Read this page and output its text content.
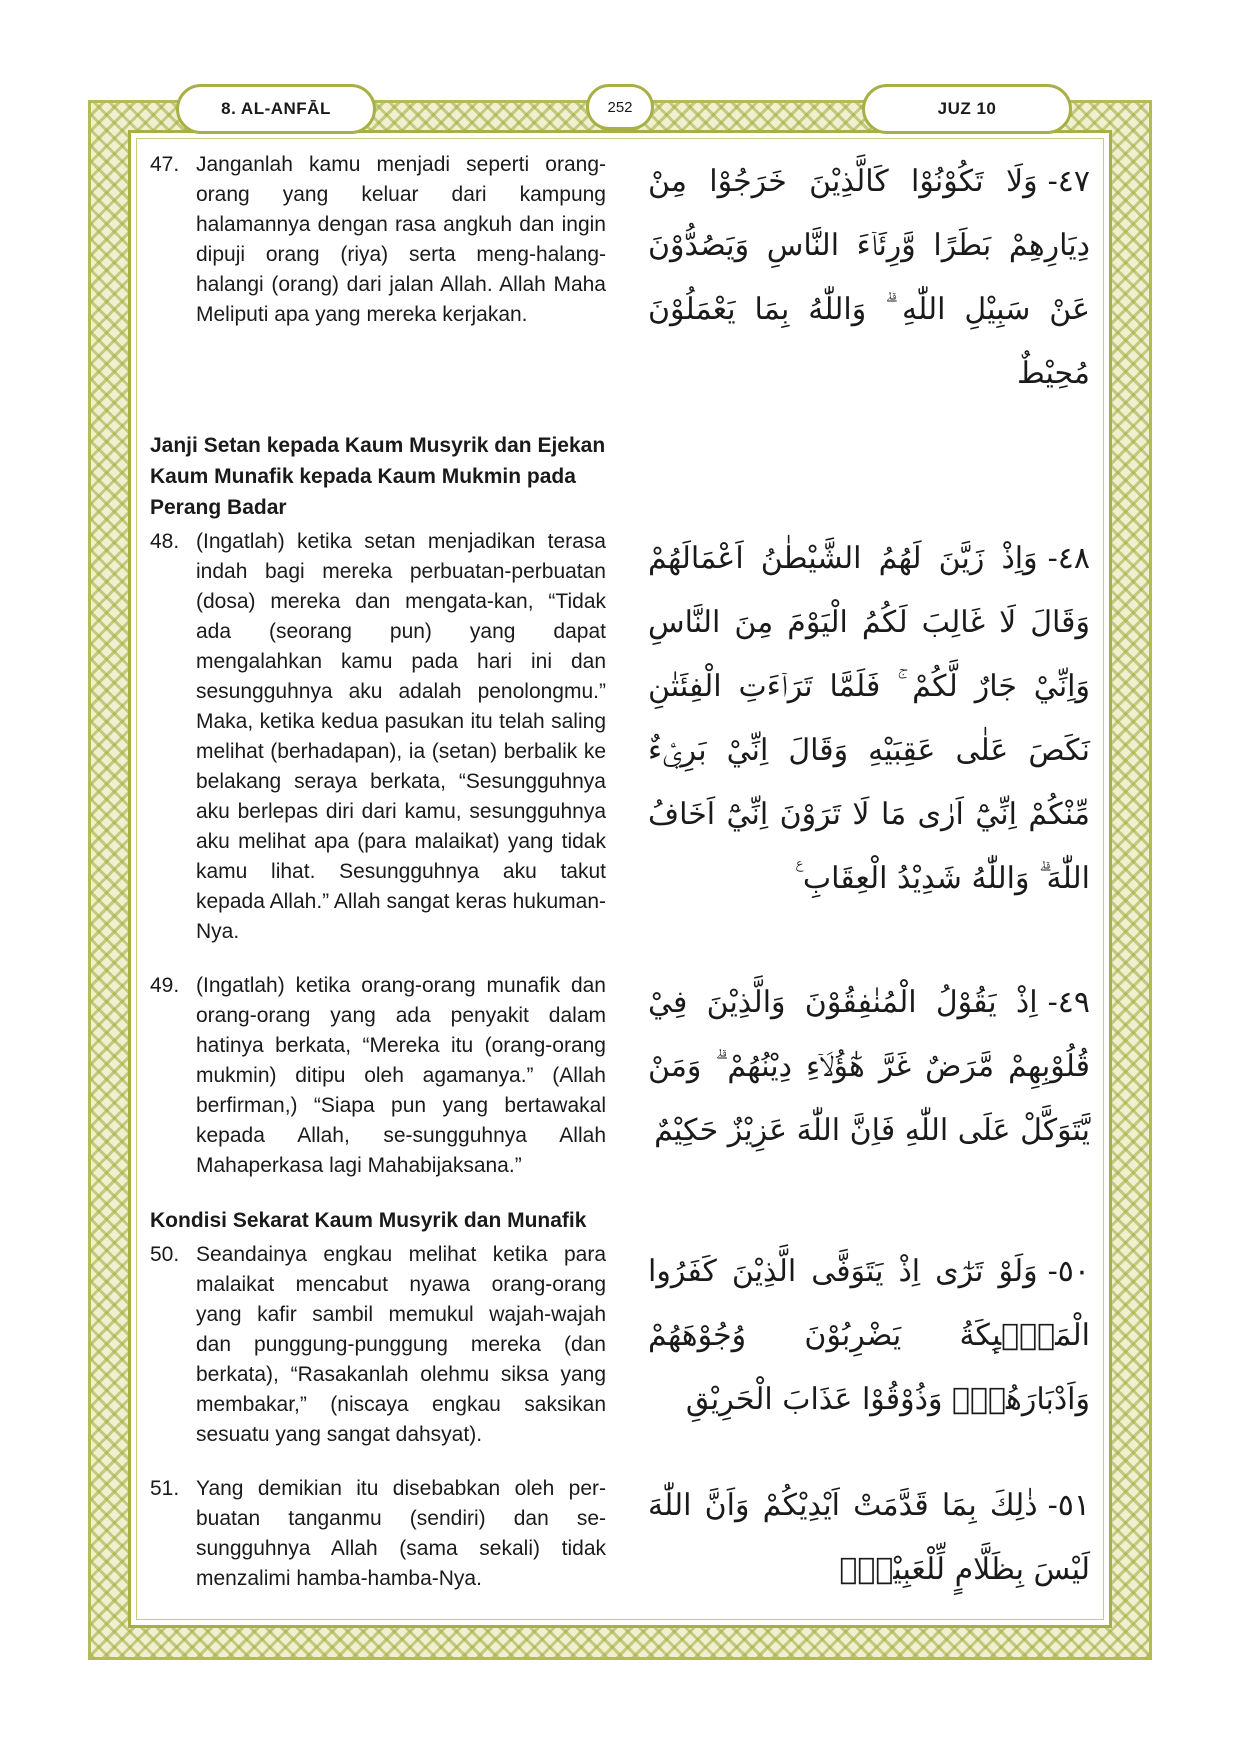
8. AL-ANFĀL	252	JUZ 10
47. Janganlah kamu menjadi seperti orang-orang yang keluar dari kampung halamannya dengan rasa angkuh dan ingin dipuji orang (riya) serta meng-halang-halangi (orang) dari jalan Allah. Allah Maha Meliputi apa yang mereka kerjakan.
٤٧-وَلَا تَكُوْنُوْا كَالَّذِيْنَ خَرَجُوْا مِنْ دِيَارِهِمْ بَطَرًا وَّرِئَاۤءَ النَّاسِ وَيَصُدُّوْنَ عَنْ سَبِيْلِ اللّٰهِ ۗ وَاللّٰهُ بِمَا يَعْمَلُوْنَ مُحِيْطٌ
Janji Setan kepada Kaum Musyrik dan Ejekan Kaum Munafik kepada Kaum Mukmin pada Perang Badar
48. (Ingatlah) ketika setan menjadikan terasa indah bagi mereka perbuatan-perbuatan (dosa) mereka dan mengata-kan, “Tidak ada (seorang pun) yang dapat mengalahkan kamu pada hari ini dan sesungguhnya aku adalah penolongmu.” Maka, ketika kedua pasukan itu telah saling melihat (berhadapan), ia (setan) berbalik ke belakang seraya berkata, “Sesungguhnya aku berlepas diri dari kamu, sesungguhnya aku melihat apa (para malaikat) yang tidak kamu lihat. Sesungguhnya aku takut kepada Allah.” Allah sangat keras hukuman-Nya.
٤٨-وَاِذْ زَيَّنَ لَهُمُ الشَّيْطٰنُ اَعْمَالَهُمْ وَقَالَ لَا غَالِبَ لَكُمُ الْيَوْمَ مِنَ النَّاسِ وَاِنِّيْ جَارٌ لَّكُمْ ۚ فَلَمَّا تَرَاۤءَتِ الْفِئَتٰنِ نَكَصَ عَلٰى عَقِبَيْهِ وَقَالَ اِنِّيْ بَرِيْۤءٌ مِّنْكُمْ اِنِّيْٓ اَرٰى مَا لَا تَرَوْنَ اِنِّيْٓ اَخَافُ اللّٰهَ ۗ وَاللّٰهُ شَدِيْدُ الْعِقَابِ ࣖ
49. (Ingatlah) ketika orang-orang munafik dan orang-orang yang ada penyakit dalam hatinya berkata, “Mereka itu (orang-orang mukmin) ditipu oleh agamanya.” (Allah berfirman,) “Siapa pun yang bertawakal kepada Allah, se-sungguhnya Allah Mahaperkasa lagi Mahabijaksana.”
٤٩-اِذْ يَقُوْلُ الْمُنٰفِقُوْنَ وَالَّذِيْنَ فِيْ قُلُوْبِهِمْ مَّرَضٌ غَرَّ هٰٓؤُلَاۤءِ دِيْنُهُمْ ۗ وَمَنْ يَّتَوَكَّلْ عَلَى اللّٰهِ فَاِنَّ اللّٰهَ عَزِيْزٌ حَكِيْمٌ
Kondisi Sekarat Kaum Musyrik dan Munafik
50. Seandainya engkau melihat ketika para malaikat mencabut nyawa orang-orang yang kafir sambil memukul wajah-wajah dan punggung-punggung mereka (dan berkata), “Rasakanlah olehmu siksa yang membakar,” (niscaya engkau saksikan sesuatu yang sangat dahsyat).
٥٠-وَلَوْ تَرٰٓى اِذْ يَتَوَفَّى الَّذِيْنَ كَفَرُوا الْمَلٰۤىِٕكَةُ يَضْرِبُوْنَ وُجُوْهَهُمْ وَاَدْبَارَهُمْۚ وَذُوْقُوْا عَذَابَ الْحَرِيْقِ
51. Yang demikian itu disebabkan oleh per-buatan tanganmu (sendiri) dan se-sungguhnya Allah (sama sekali) tidak menzalimi hamba-hamba-Nya.
٥١-ذٰلِكَ بِمَا قَدَّمَتْ اَيْدِيْكُمْ وَاَنَّ اللّٰهَ لَيْسَ بِظَلَّامٍ لِّلْعَبِيْدِۙ
